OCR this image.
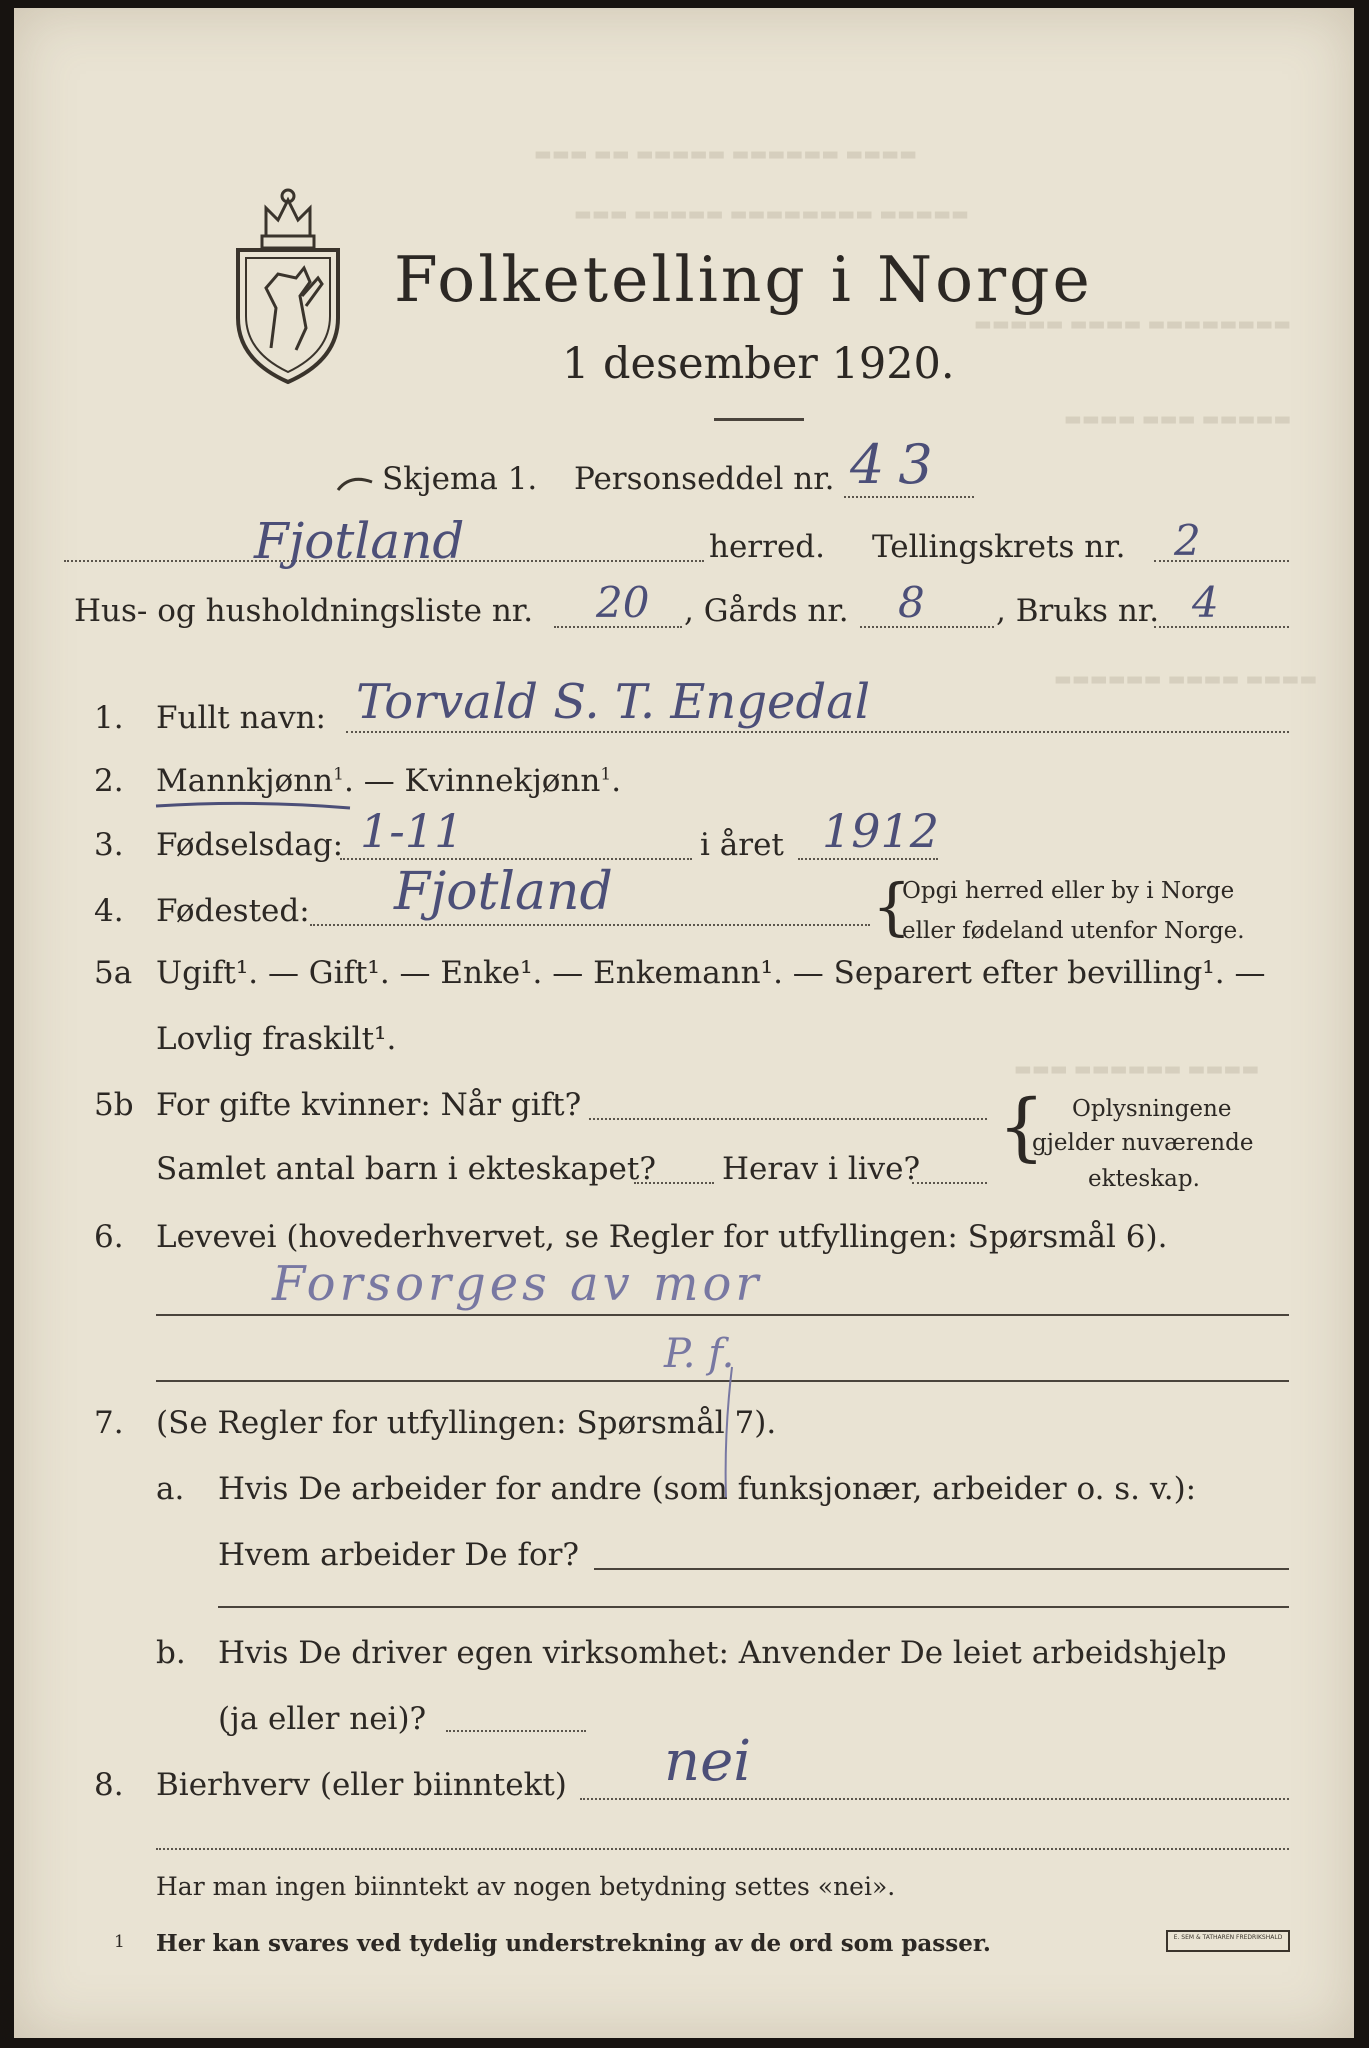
▬▬▬ ▬▬ ▬▬▬▬▬ ▬▬▬▬▬▬ ▬▬▬▬
▬▬▬ ▬▬▬▬▬ ▬▬▬▬▬▬▬▬ ▬▬▬▬▬
▬▬▬▬▬ ▬▬▬▬ ▬▬▬▬▬▬▬▬
▬▬▬▬ ▬▬▬ ▬▬▬▬▬
▬▬▬▬▬▬ ▬▬▬▬ ▬▬▬▬
▬▬▬ ▬▬▬▬▬▬ ▬▬▬▬
Folketelling i Norge
1 desember 1920.
Skjema 1. Personseddel nr. 43
Fjotland	herred. Tellingskrets nr. 2
Hus- og husholdningsliste nr. 20 , Gårds nr. 8 , Bruks nr. 4
1. Fullt navn: Torvald S. T. Engedal
2. Mannkjønn$^1$. — Kvinnekjønn$^1$.
3. Fødselsdag: 1-11	i året 1912
4. Fødested: Fjotland	{
Opgi herred eller by i Norge
eller fødeland utenfor Norge.
5a Ugift¹. — Gift¹. — Enke¹. — Enkemann¹. — Separert efter bevilling¹. —
Lovlig fraskilt¹.
5b For gifte kvinner: Når gift?
Samlet antal barn i ekteskapet? Herav i live? { Oplysningene
gjelder nuværende
ekteskap.
6. Levevei (hovederhvervet, se Regler for utfyllingen: Spørsmål 6).
Forsorges av mor
P. f.
7. (Se Regler for utfyllingen: Spørsmål 7).
a. Hvis De arbeider for andre (som funksjonær, arbeider o. s. v.):
Hvem arbeider De for?
b. Hvis De driver egen virksomhet: Anvender De leiet arbeidshjelp
(ja eller nei)?
8. Bierhverv (eller biinntekt) nei
Har man ingen biinntekt av nogen betydning settes «nei».
1 Her kan svares ved tydelig understrekning av de ord som passer.	E. SEM & TATHAREN FREDRIKSHALD
